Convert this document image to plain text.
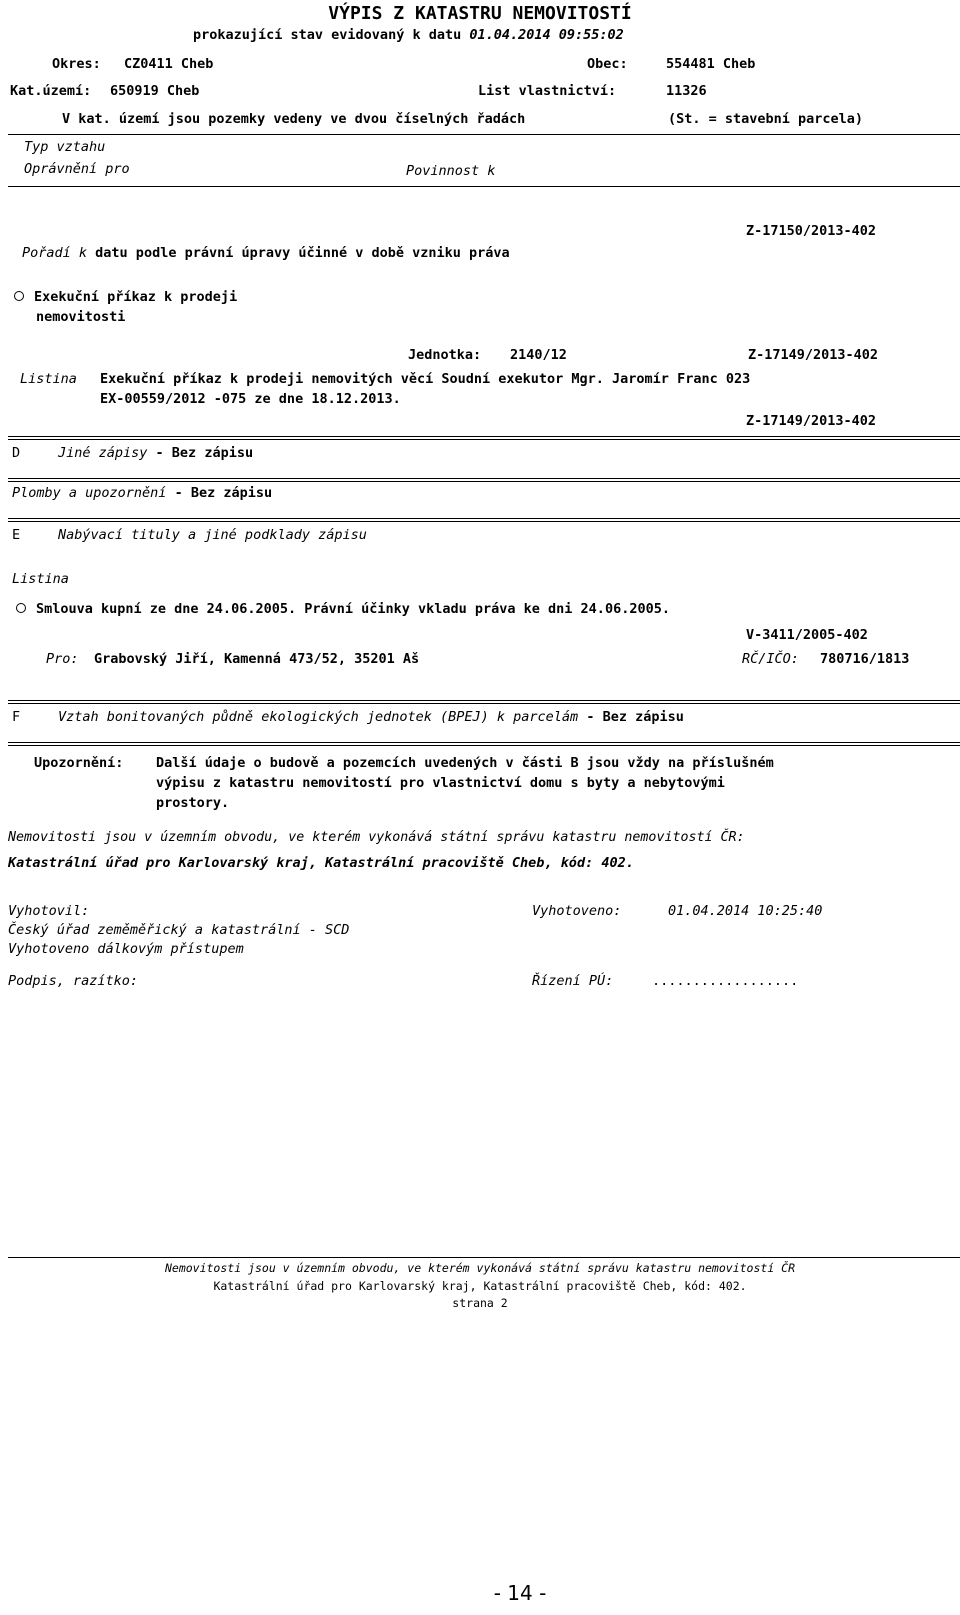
VÝPIS Z KATASTRU NEMOVITOSTÍ
prokazující stav evidovaný k datu 01.04.2014 09:55:02
Okres: CZ0411 Cheb	Obec:	554481 Cheb
Kat.území: 650919 Cheb	List vlastnictví:	11326
V kat. území jsou pozemky vedeny ve dvou číselných řadách	(St. = stavební parcela)
Typ vztahu
Oprávnění pro	Povinnost k
Z-17150/2013-402
Pořadí k datu podle právní úpravy účinné v době vzniku práva
Exekuční příkaz k prodeji
nemovitosti
Jednotka: 2140/12	Z-17149/2013-402
Listina Exekuční příkaz k prodeji nemovitých věcí Soudní exekutor Mgr. Jaromír Franc 023
EX-00559/2012 -075 ze dne 18.12.2013.
Z-17149/2013-402
D	Jiné zápisy - Bez zápisu
Plomby a upozornění - Bez zápisu
E	Nabývací tituly a jiné podklady zápisu
Listina
Smlouva kupní ze dne 24.06.2005. Právní účinky vkladu práva ke dni 24.06.2005.
V-3411/2005-402
Pro: Grabovský Jiří, Kamenná 473/52, 35201 Aš	RČ/IČO: 780716/1813
F	Vztah bonitovaných půdně ekologických jednotek (BPEJ) k parcelám - Bez zápisu
Upozornění: Další údaje o budově a pozemcích uvedených v části B jsou vždy na příslušném
výpisu z katastru nemovitostí pro vlastnictví domu s byty a nebytovými
prostory.
Nemovitosti jsou v územním obvodu, ve kterém vykonává státní správu katastru nemovitostí ČR:
Katastrální úřad pro Karlovarský kraj, Katastrální pracoviště Cheb, kód: 402.
Vyhotovil:
Český úřad zeměměřický a katastrální - SCD
Vyhotoveno dálkovým přístupem
Vyhotoveno:	01.04.2014 10:25:40
Podpis, razítko:	Řízení PÚ:	..................
Nemovitosti jsou v územním obvodu, ve kterém vykonává státní správu katastru nemovitostí ČR
Katastrální úřad pro Karlovarský kraj, Katastrální pracoviště Cheb, kód: 402.
strana 2
- 14 -
